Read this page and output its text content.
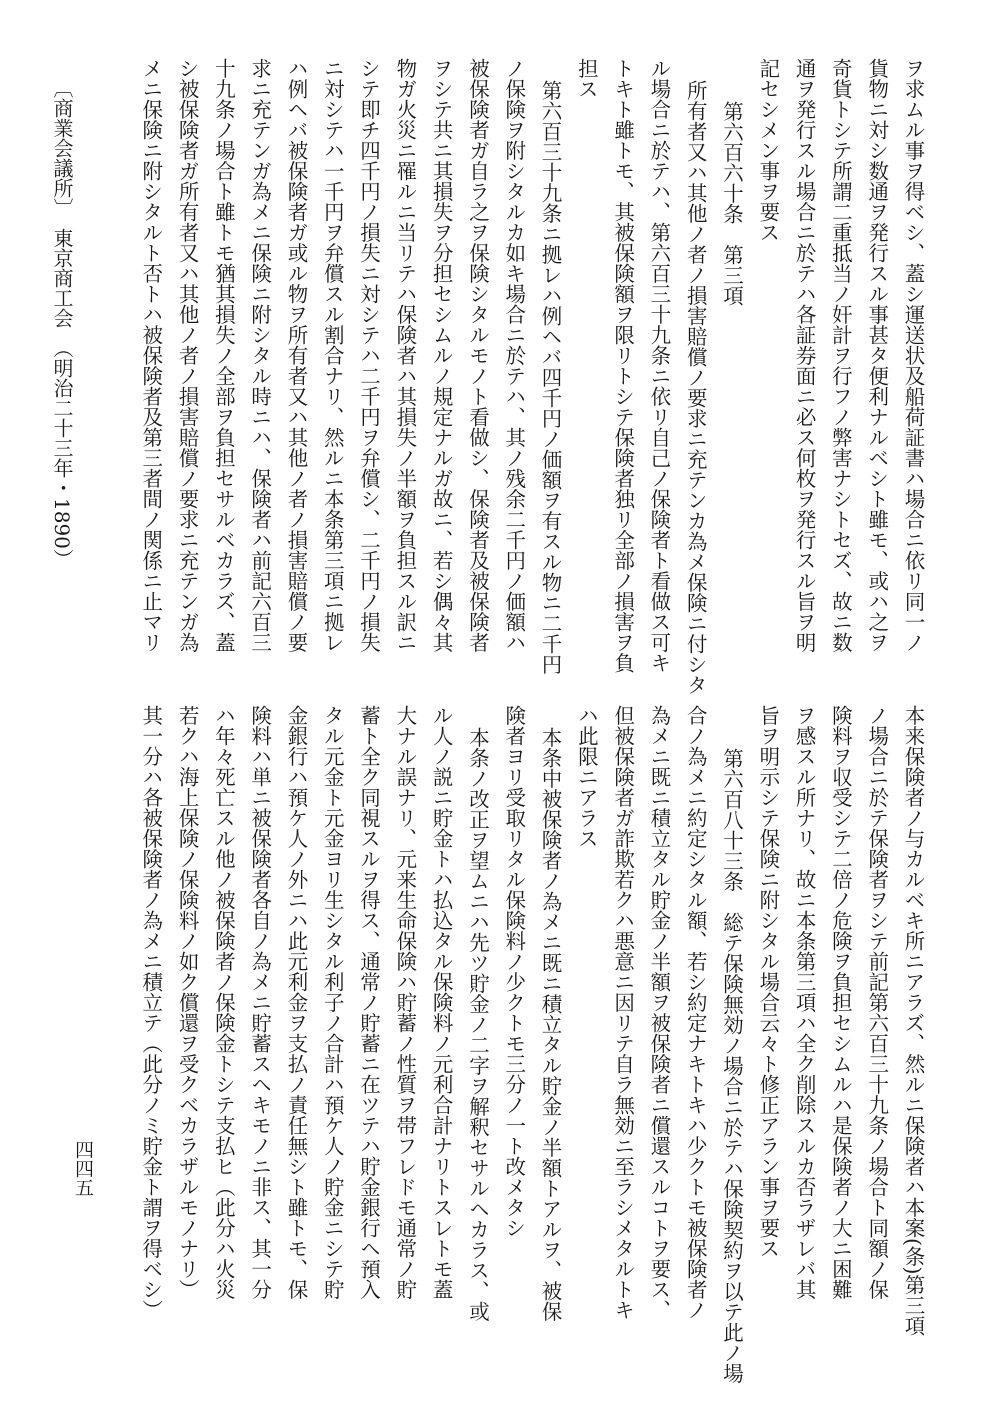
ヲ求ムル事ヲ得ベシ、蓋シ運送状及船荷証書ハ場合ニ依リ同一ノ
貨物ニ対シ数通ヲ発行スル事甚タ便利ナルベシト雖モ、或ハ之ヲ
奇貨トシテ所謂二重抵当ノ奸計ヲ行フノ弊害ナシトセズ、故ニ数
通ヲ発行スル場合ニ於テハ各証券面ニ必ス何枚ヲ発行スル旨ヲ明
記セシメン事ヲ要ス
第六百六十条　第三項
所有者又ハ其他ノ者ノ損害賠償ノ要求ニ充テンカ為メ保険ニ付シタ
ル場合ニ於テハ、第六百三十九条ニ依リ自己ノ保険者ト看做ス可キ
トキト雖トモ、其被保険額ヲ限リトシテ保険者独リ全部ノ損害ヲ負
担ス
第六百三十九条ニ拠レハ例ヘバ四千円ノ価額ヲ有スル物ニ二千円
ノ保険ヲ附シタルカ如キ場合ニ於テハ、其ノ残余二千円ノ価額ハ
被保険者ガ自ラ之ヲ保険シタルモノト看做シ、保険者及被保険者
ヲシテ共ニ其損失ヲ分担セシムルノ規定ナルガ故ニ、若シ偶々其
物ガ火災ニ罹ルニ当リテハ保険者ハ其損失ノ半額ヲ負担スル訳ニ
シテ即チ四千円ノ損失ニ対シテハ二千円ヲ弁償シ、二千円ノ損失
ニ対シテハ一千円ヲ弁償スル割合ナリ、然ルニ本条第三項ニ拠レ
ハ例ヘバ被保険者ガ或ル物ヲ所有者又ハ其他ノ者ノ損害賠償ノ要
求ニ充テンガ為メニ保険ニ附シタル時ニハ、保険者ハ前記六百三
十九条ノ場合ト雖トモ猶其損失ノ全部ヲ負担セサルベカラズ、蓋
シ被保険者ガ所有者又ハ其他ノ者ノ損害賠償ノ要求ニ充テンガ為
メニ保険ニ附シタルト否トハ被保険者及第三者間ノ関係ニ止マリ
本来保険者ノ与カルベキ所ニアラズ、然ルニ保険者ハ本案(条)第三項
ノ場合ニ於テ保険者ヲシテ前記第六百三十九条ノ場合ト同額ノ保
険料ヲ収受シテ二倍ノ危険ヲ負担セシムルハ是保険者ノ大ニ困難
ヲ感スル所ナリ、故ニ本条第三項ハ全ク削除スルカ否ラザレバ其
旨ヲ明示シテ保険ニ附シタル場合云々ト修正アラン事ヲ要ス
第六百八十三条　総テ保険無効ノ場合ニ於テハ保険契約ヲ以テ此ノ場
合ノ為メニ約定シタル額、若シ約定ナキトキハ少クトモ被保険者ノ
為メニ既ニ積立タル貯金ノ半額ヲ被保険者ニ償還スルコトヲ要ス、
但被保険者ガ詐欺若クハ悪意ニ因リテ自ラ無効ニ至ラシメタルトキ
ハ此限ニアラス
本条中被保険者ノ為メニ既ニ積立タル貯金ノ半額トアルヲ、被保
険者ヨリ受取リタル保険料ノ少クトモ三分ノ一ト改メタシ
本条ノ改正ヲ望ムニハ先ツ貯金ノ二字ヲ解釈セサルヘカラス、或
ル人ノ説ニ貯金トハ払込タル保険料ノ元利合計ナリトスレトモ蓋
大ナル誤ナリ、元来生命保険ハ貯蓄ノ性質ヲ帯フレドモ通常ノ貯
蓄ト全ク同視スルヲ得ス、通常ノ貯蓄ニ在ツテハ貯金銀行ヘ預入
タル元金ト元金ヨリ生シタル利子ノ合計ハ預ケ人ノ貯金ニシテ貯
金銀行ハ預ケ人ノ外ニハ此元利金ヲ支払ノ責任無シト雖トモ、保
険料ハ単ニ被保険者各自ノ為メニ貯蓄スヘキモノニ非ス、其一分
ハ年々死亡スル他ノ被保険者ノ保険金トシテ支払ヒ（此分ハ火災
若クハ海上保険ノ保険料ノ如ク償還ヲ受クベカラザルモノナリ）
其一分ハ各被保険者ノ為メニ積立テ（此分ノミ貯金ト謂ヲ得ベシ）
〔商業会議所〕　東京商工会　（明治二十三年・1890）
四四五
